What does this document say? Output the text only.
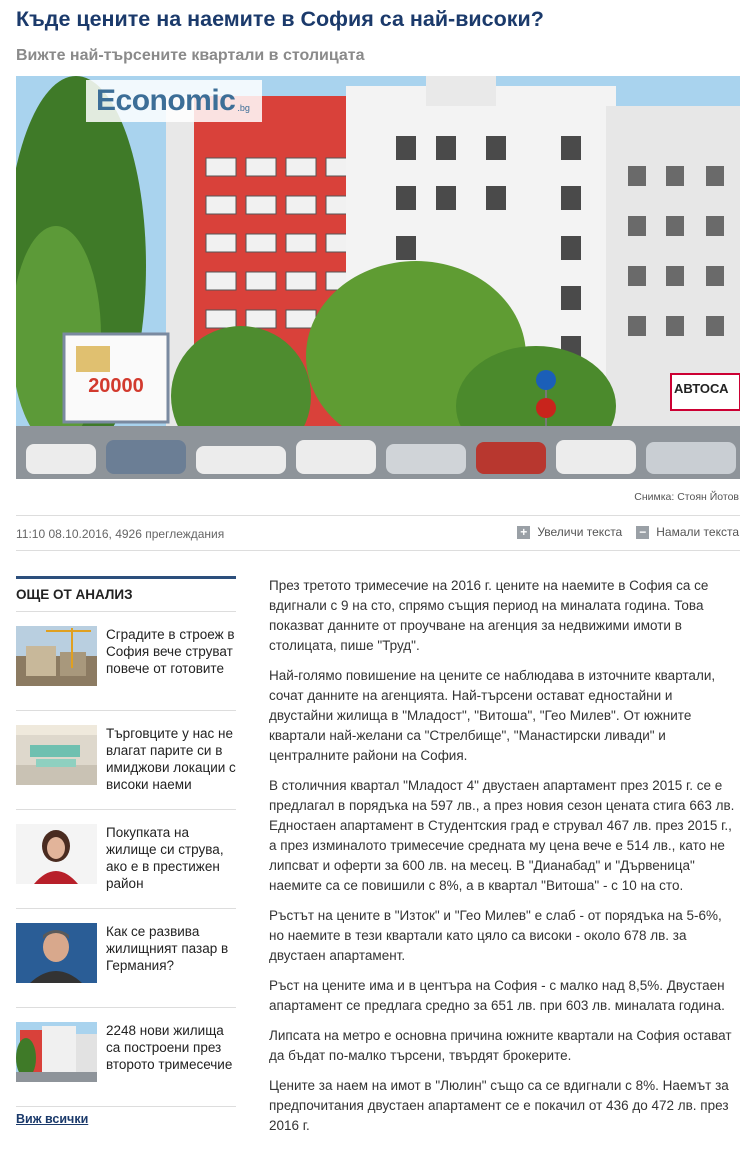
Къде цените на наемите в София са най-високи?
Вижте най-търсените квартали в столицата
20000	АВТОСА
Economic .bg
Снимка: Стоян Йотов
11:10 08.10.2016, 4926 преглеждания	+ Увеличи текста − Намали текста
ОЩЕ ОТ АНАЛИЗ
Сградите в строеж в София вече струват повече от готовите
Търговците у нас не влагат парите си в имиджови локации с високи наеми
Покупката на жилище си струва, ако е в престижен район
Как се развива жилищният пазар в Германия?
2248 нови жилища са построени през второто тримесечие
Виж всички

През третото тримесечие на 2016 г. цените на наемите в София са се вдигнали с 9 на сто, спрямо същия период на миналата година. Това показват данните от проучване на агенция за недвижими имоти в столицата, пише "Труд".

Най-голямо повишение на цените се наблюдава в източните квартали, сочат данните на агенцията. Най-търсени остават едностайни и двустайни жилища в "Младост", "Витоша", "Гео Милев". От южните квартали най-желани са "Стрелбище", "Манастирски ливади" и централните райони на София.

В столичния квартал "Младост 4" двустаен апартамент през 2015 г. се е предлагал в порядъка на 597 лв., а през новия сезон цената стига 663 лв. Едностаен апартамент в Студентския град е струвал 467 лв. през 2015 г., а през изминалото тримесечие средната му цена вече е 514 лв., като не липсват и оферти за 600 лв. на месец. В "Дианабад" и "Дървеница" наемите са се повишили с 8%, а в квартал "Витоша" - с 10 на сто.

Ръстът на цените в "Изток" и "Гео Милев" е слаб - от порядъка на 5-6%, но наемите в тези квартали като цяло са високи - около 678 лв. за двустаен апартамент.

Ръст на цените има и в центъра на София - с малко над 8,5%. Двустаен апартамент се предлага средно за 651 лв. при 603 лв. миналата година.

Липсата на метро е основна причина южните квартали на София остават да бъдат по-малко търсени, твърдят брокерите.

Цените за наем на имот в "Люлин" също са се вдигнали с 8%. Наемът за предпочитания двустаен апартамент се е покачил от 436 до 472 лв. през 2016 г.
